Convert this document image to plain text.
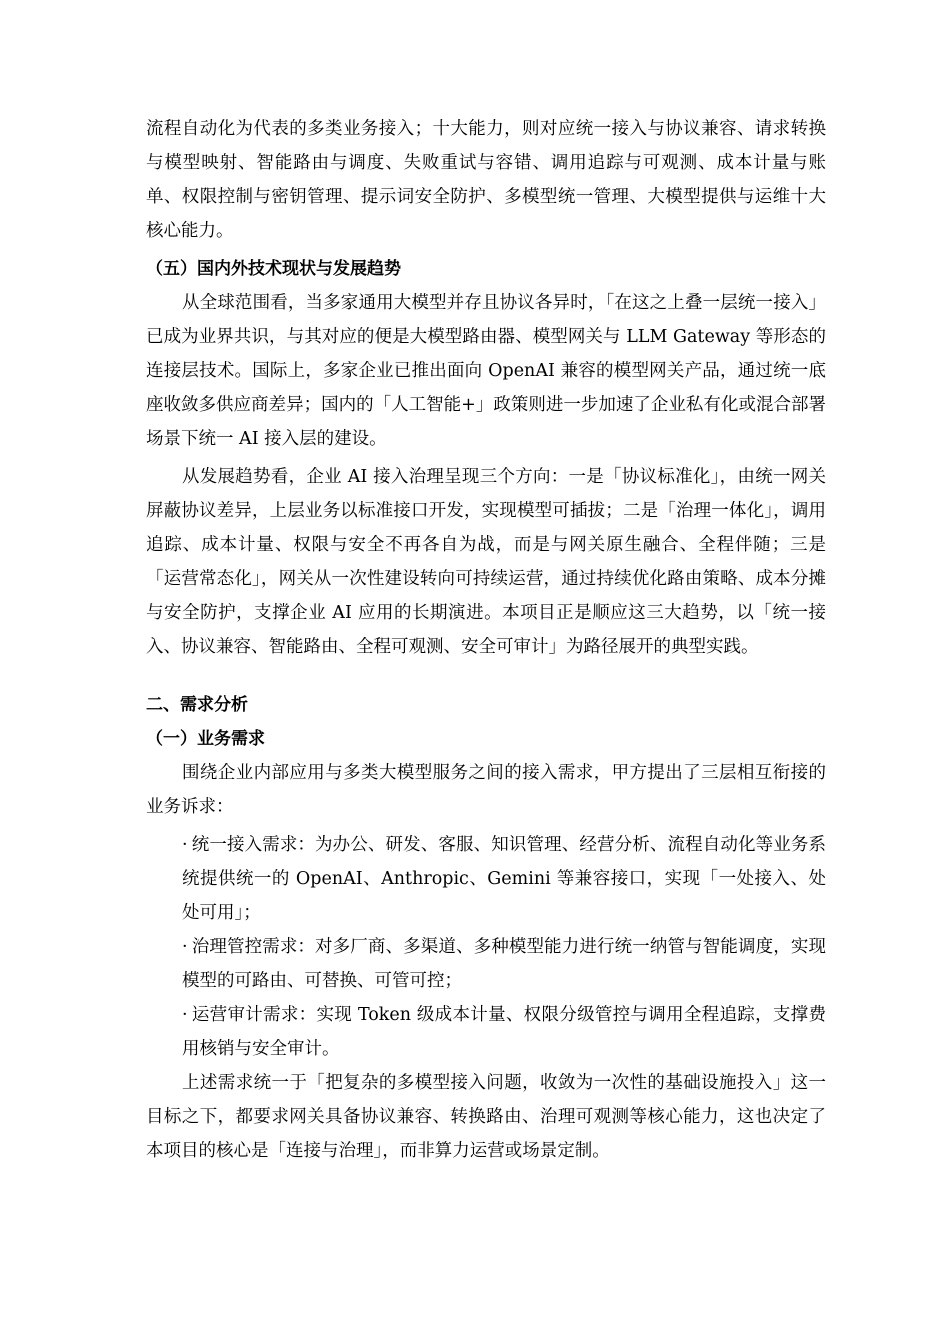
流程自动化为代表的多类业务接入；十大能力，则对应统一接入与协议兼容、请求转换与模型映射、智能路由与调度、失败重试与容错、调用追踪与可观测、成本计量与账单、权限控制与密钥管理、提示词安全防护、多模型统一管理、大模型提供与运维十大核心能力。

（五）国内外技术现状与发展趋势

从全球范围看，当多家通用大模型并存且协议各异时，「在这之上叠一层统一接入」已成为业界共识，与其对应的便是大模型路由器、模型网关与 LLM Gateway 等形态的连接层技术。国际上，多家企业已推出面向 OpenAI 兼容的模型网关产品，通过统一底座收敛多供应商差异；国内的「人工智能+」政策则进一步加速了企业私有化或混合部署场景下统一 AI 接入层的建设。

从发展趋势看，企业 AI 接入治理呈现三个方向：一是「协议标准化」，由统一网关屏蔽协议差异，上层业务以标准接口开发，实现模型可插拔；二是「治理一体化」，调用追踪、成本计量、权限与安全不再各自为战，而是与网关原生融合、全程伴随；三是「运营常态化」，网关从一次性建设转向可持续运营，通过持续优化路由策略、成本分摊与安全防护，支撑企业 AI 应用的长期演进。本项目正是顺应这三大趋势，以「统一接入、协议兼容、智能路由、全程可观测、安全可审计」为路径展开的典型实践。

二、需求分析
（一）业务需求

围绕企业内部应用与多类大模型服务之间的接入需求，甲方提出了三层相互衔接的业务诉求：

· 统一接入需求：为办公、研发、客服、知识管理、经营分析、流程自动化等业务系统提供统一的 OpenAI、Anthropic、Gemini 等兼容接口，实现「一处接入、处处可用」；
· 治理管控需求：对多厂商、多渠道、多种模型能力进行统一纳管与智能调度，实现模型的可路由、可替换、可管可控；
· 运营审计需求：实现 Token 级成本计量、权限分级管控与调用全程追踪，支撑费用核销与安全审计。

上述需求统一于「把复杂的多模型接入问题，收敛为一次性的基础设施投入」这一目标之下，都要求网关具备协议兼容、转换路由、治理可观测等核心能力，这也决定了本项目的核心是「连接与治理」，而非算力运营或场景定制。
